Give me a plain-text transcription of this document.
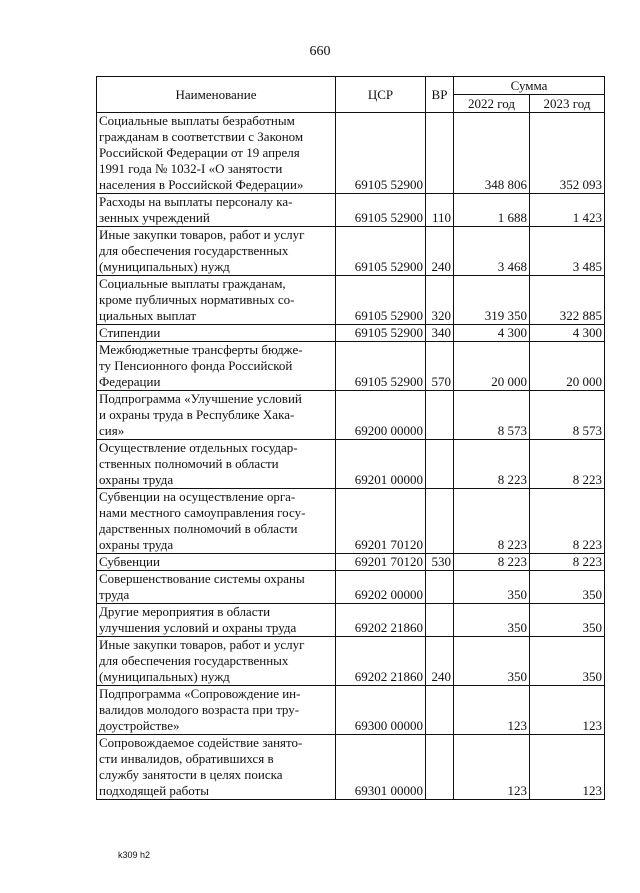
660
Наименование	ЦСР	ВР	Сумма	
			2022 год	2023 год
Социальные выплаты безработным
гражданам в соответствии с Законом
Российской Федерации от 19 апреля
1991 года № 1032-I «О занятости
населения в Российской Федерации»	69105 52900		348 806	352 093
Расходы на выплаты персоналу ка-
зенных учреждений	69105 52900	110	1 688	1 423
Иные закупки товаров, работ и услуг
для обеспечения государственных
(муниципальных) нужд	69105 52900	240	3 468	3 485
Социальные выплаты гражданам,
кроме публичных нормативных со-
циальных выплат	69105 52900	320	319 350	322 885
Стипендии	69105 52900	340	4 300	4 300
Межбюджетные трансферты бюдже-
ту Пенсионного фонда Российской
Федерации	69105 52900	570	20 000	20 000
Подпрограмма «Улучшение условий
и охраны труда в Республике Хака-
сия»	69200 00000		8 573	8 573
Осуществление отдельных государ-
ственных полномочий в области
охраны труда	69201 00000		8 223	8 223
Субвенции на осуществление орга-
нами местного самоуправления госу-
дарственных полномочий в области
охраны труда	69201 70120		8 223	8 223
Субвенции	69201 70120	530	8 223	8 223
Совершенствование системы охраны
труда	69202 00000		350	350
Другие мероприятия в области
улучшения условий и охраны труда	69202 21860		350	350
Иные закупки товаров, работ и услуг
для обеспечения государственных
(муниципальных) нужд	69202 21860	240	350	350
Подпрограмма «Сопровождение ин-
валидов молодого возраста при тру-
доустройстве»	69300 00000		123	123
Сопровождаемое содействие занято-
сти инвалидов, обратившихся в
службу занятости в целях поиска
подходящей работы	69301 00000		123	123
k309 h2
